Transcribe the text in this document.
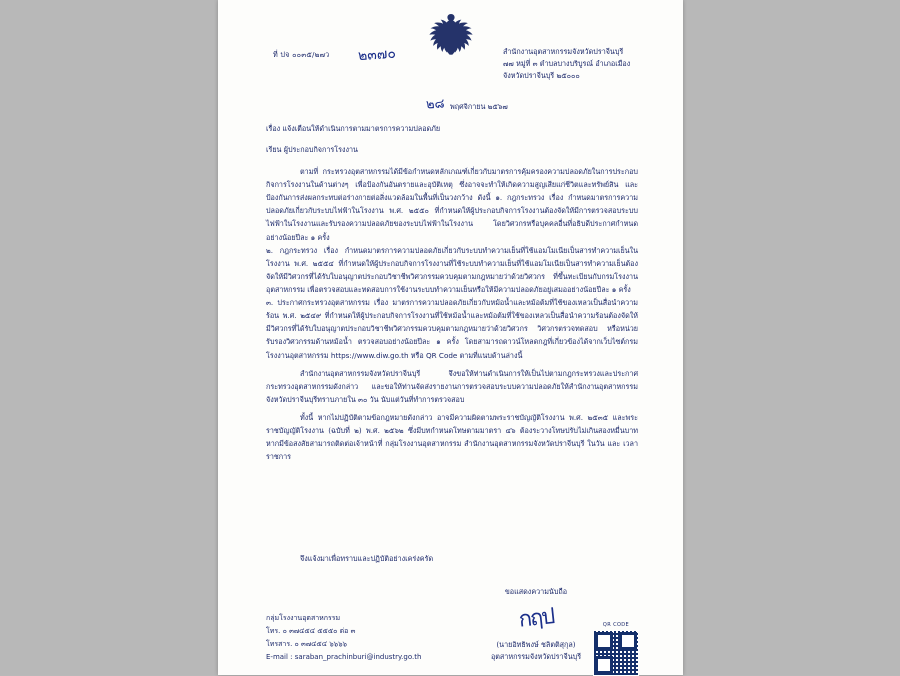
ที่ ปจ ๐๐๓๕/๒๗ว ๒๓๗๐	สำนักงานอุตสาหกรรมจังหวัดปราจีนบุรี
๗๗ หมู่ที่ ๓ ตำบลบางบริบูรณ์ อำเภอเมือง
จังหวัดปราจีนบุรี ๒๕๐๐๐
๒๘ พฤศจิกายน ๒๕๖๗
เรื่อง แจ้งเตือนให้ดำเนินการตามมาตรการความปลอดภัย
เรียน ผู้ประกอบกิจการโรงงาน

ตามที่ กระทรวงอุตสาหกรรมได้มีข้อกำหนดหลักเกณฑ์เกี่ยวกับมาตรการคุ้มครองความปลอดภัยในการประกอบกิจการโรงงานในด้านต่างๆ เพื่อป้องกันอันตรายและอุบัติเหตุ ซึ่งอาจจะทำให้เกิดความสูญเสียแก่ชีวิตและทรัพย์สิน และป้องกันการส่งผลกระทบต่อร่างกายต่อสิ่งแวดล้อมในพื้นที่เป็นวงกว้าง ดังนี้ ๑. กฎกระทรวง เรื่อง กำหนดมาตรการความปลอดภัยเกี่ยวกับระบบไฟฟ้าในโรงงาน พ.ศ. ๒๕๕๐ ที่กำหนดให้ผู้ประกอบกิจการโรงงานต้องจัดให้มีการตรวจสอบระบบไฟฟ้าในโรงงานและรับรองความปลอดภัยของระบบไฟฟ้าในโรงงาน โดยวิศวกรหรือบุคคลอื่นที่อธิบดีประกาศกำหนด อย่างน้อยปีละ ๑ ครั้ง

๒. กฎกระทรวง เรื่อง กำหนดมาตรการความปลอดภัยเกี่ยวกับระบบทำความเย็นที่ใช้แอมโมเนียเป็นสารทำความเย็นในโรงงาน พ.ศ. ๒๕๕๔ ที่กำหนดให้ผู้ประกอบกิจการโรงงานที่ใช้ระบบทำความเย็นที่ใช้แอมโมเนียเป็นสารทำความเย็นต้องจัดให้มีวิศวกรที่ได้รับใบอนุญาตประกอบวิชาชีพวิศวกรรมควบคุมตามกฎหมายว่าด้วยวิศวกร ที่ขึ้นทะเบียนกับกรมโรงงานอุตสาหกรรม เพื่อตรวจสอบและทดสอบการใช้งานระบบทำความเย็นหรือให้มีความปลอดภัยอยู่เสมออย่างน้อยปีละ ๑ ครั้ง

๓. ประกาศกระทรวงอุตสาหกรรม เรื่อง มาตรการความปลอดภัยเกี่ยวกับหม้อน้ำและหม้อต้มที่ใช้ของเหลวเป็นสื่อนำความร้อน พ.ศ. ๒๕๔๙ ที่กำหนดให้ผู้ประกอบกิจการโรงงานที่ใช้หม้อน้ำและหม้อต้มที่ใช้ของเหลวเป็นสื่อนำความร้อนต้องจัดให้มีวิศวกรที่ได้รับใบอนุญาตประกอบวิชาชีพวิศวกรรมควบคุมตามกฎหมายว่าด้วยวิศวกร วิศวกรตรวจทดสอบ หรือหน่วยรับรองวิศวกรรมด้านหม้อน้ำ ตรวจสอบอย่างน้อยปีละ ๑ ครั้ง โดยสามารถดาวน์โหลดกฎที่เกี่ยวข้องได้จากเว็บไซต์กรมโรงงานอุตสาหกรรม https://www.diw.go.th หรือ QR Code ตามที่แนบด้านล่างนี้

สำนักงานอุตสาหกรรมจังหวัดปราจีนบุรี จึงขอให้ท่านดำเนินการให้เป็นไปตามกฎกระทรวงและประกาศกระทรวงอุตสาหกรรมดังกล่าว และขอให้ท่านจัดส่งรายงานการตรวจสอบระบบความปลอดภัยให้สำนักงานอุตสาหกรรมจังหวัดปราจีนบุรีทราบภายใน ๓๐ วัน นับแต่วันที่ทำการตรวจสอบ

ทั้งนี้ หากไม่ปฏิบัติตามข้อกฎหมายดังกล่าว อาจมีความผิดตามพระราชบัญญัติโรงงาน พ.ศ. ๒๕๓๕ และพระราชบัญญัติโรงงาน (ฉบับที่ ๒) พ.ศ. ๒๕๖๒ ซึ่งมีบทกำหนดโทษตามมาตรา ๔๖ ต้องระวางโทษปรับไม่เกินสองหมื่นบาท หากมีข้อสงสัยสามารถติดต่อเจ้าหน้าที่ กลุ่มโรงงานอุตสาหกรรม สำนักงานอุตสาหกรรมจังหวัดปราจีนบุรี ในวัน และ เวลาราชการ

จึงแจ้งมาเพื่อทราบและปฏิบัติอย่างเคร่งครัด
ขอแสดงความนับถือ
กฤป
(นายอิทธิพงษ์ ชลิตติสุกุล)
อุตสาหกรรมจังหวัดปราจีนบุรี
กลุ่มโรงงานอุตสาหกรรม
โทร. ๐ ๓๗๔๕๔ ๕๕๕๐ ต่อ ๓
โทรสาร. ๐ ๓๗๔๕๔ ๖๖๖๖
E-mail : saraban_prachinburi@industry.go.th
QR CODE
